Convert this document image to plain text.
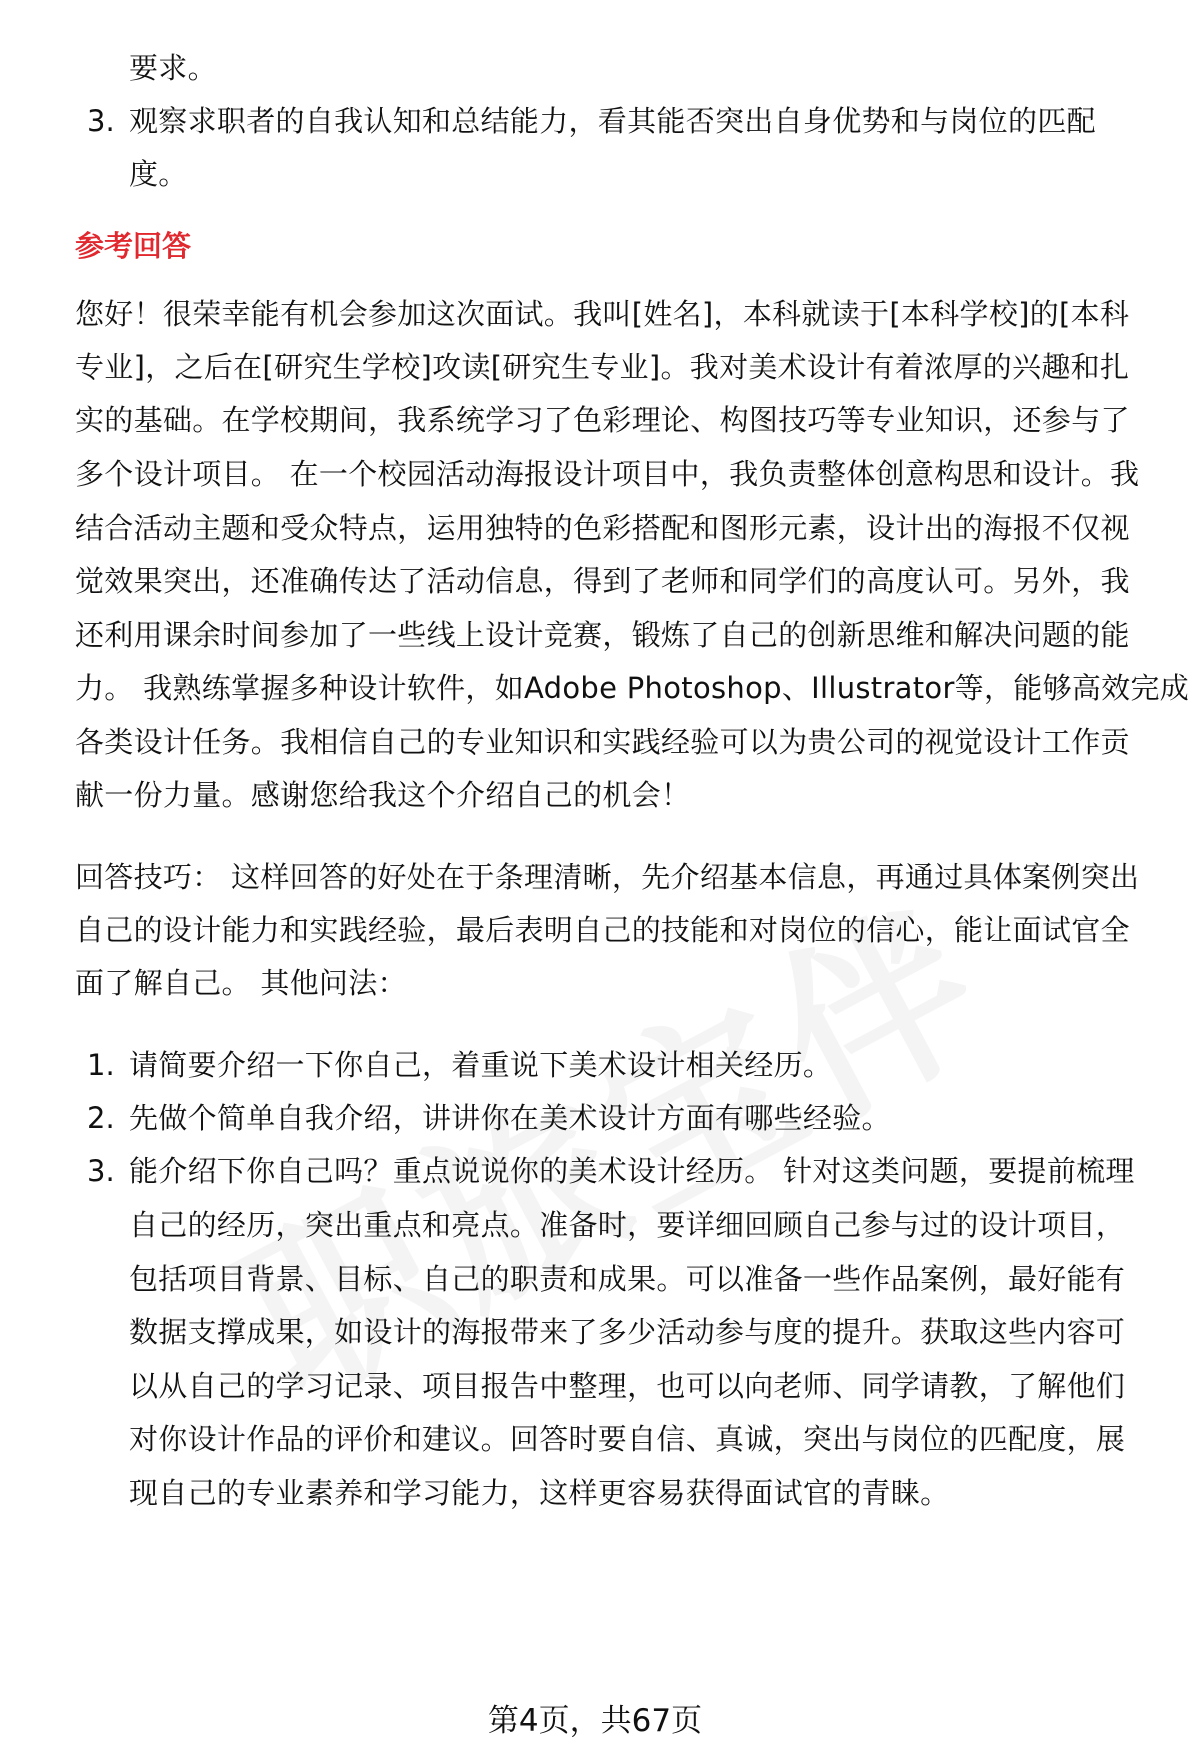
要求。
3. 观察求职者的自我认知和总结能力，看其能否突出自身优势和与岗位的匹配
度。
参考回答
您好！很荣幸能有机会参加这次面试。我叫[姓名]，本科就读于[本科学校]的[本科
专业]，之后在[研究生学校]攻读[研究生专业]。我对美术设计有着浓厚的兴趣和扎
实的基础。在学校期间，我系统学习了色彩理论、构图技巧等专业知识，还参与了
多个设计项目。 在一个校园活动海报设计项目中，我负责整体创意构思和设计。我
结合活动主题和受众特点，运用独特的色彩搭配和图形元素，设计出的海报不仅视
觉效果突出，还准确传达了活动信息，得到了老师和同学们的高度认可。另外，我
还利用课余时间参加了一些线上设计竞赛，锻炼了自己的创新思维和解决问题的能
力。 我熟练掌握多种设计软件，如Adobe Photoshop、Illustrator等，能够高效完成
各类设计任务。我相信自己的专业知识和实践经验可以为贵公司的视觉设计工作贡
献一份力量。感谢您给我这个介绍自己的机会！
回答技巧： 这样回答的好处在于条理清晰，先介绍基本信息，再通过具体案例突出
自己的设计能力和实践经验，最后表明自己的技能和对岗位的信心，能让面试官全
面了解自己。 其他问法：
1. 请简要介绍一下你自己，着重说下美术设计相关经历。
2. 先做个简单自我介绍，讲讲你在美术设计方面有哪些经验。
3. 能介绍下你自己吗？重点说说你的美术设计经历。 针对这类问题，要提前梳理
自己的经历，突出重点和亮点。准备时，要详细回顾自己参与过的设计项目，
包括项目背景、目标、自己的职责和成果。可以准备一些作品案例，最好能有
数据支撑成果，如设计的海报带来了多少活动参与度的提升。获取这些内容可
以从自己的学习记录、项目报告中整理，也可以向老师、同学请教，了解他们
对你设计作品的评价和建议。回答时要自信、真诚，突出与岗位的匹配度，展
现自己的专业素养和学习能力，这样更容易获得面试官的青睐。
第4页，共67页
